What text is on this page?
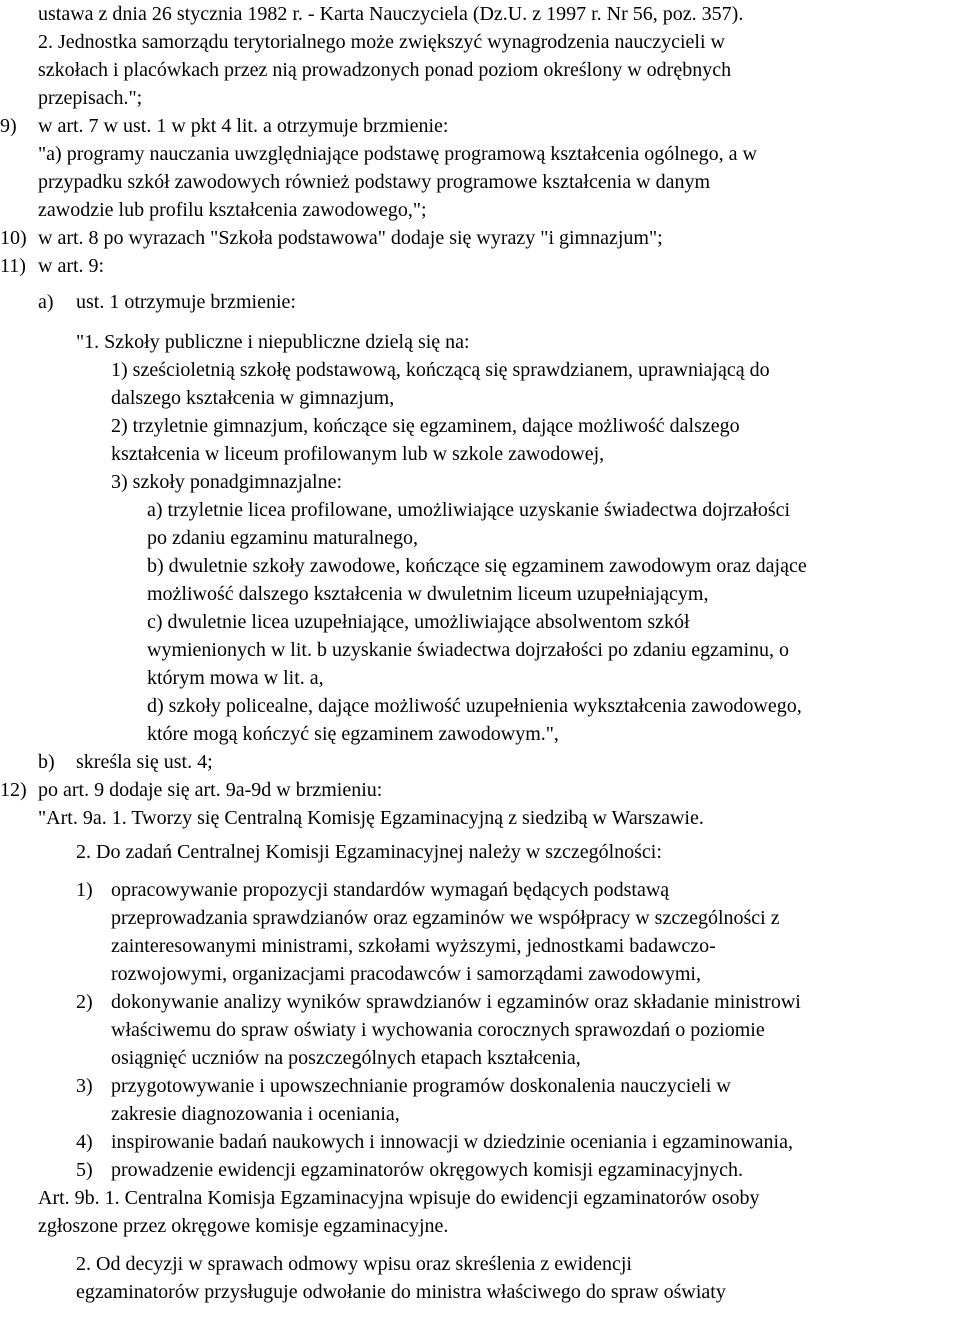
ustawa z dnia 26 stycznia 1982 r. - Karta Nauczyciela (Dz.U. z 1997 r. Nr 56, poz. 357).

2. Jednostka samorządu terytorialnego może zwiększyć wynagrodzenia nauczycieli w

szkołach i placówkach przez nią prowadzonych ponad poziom określony w odrębnych

przepisach.";

9) w art. 7 w ust. 1 w pkt 4 lit. a otrzymuje brzmienie:

"a) programy nauczania uwzględniające podstawę programową kształcenia ogólnego, a w

przypadku szkół zawodowych również podstawy programowe kształcenia w danym

zawodzie lub profilu kształcenia zawodowego,";

10) w art. 8 po wyrazach "Szkoła podstawowa" dodaje się wyrazy "i gimnazjum";

11) w art. 9:

a) ust. 1 otrzymuje brzmienie:

"1. Szkoły publiczne i niepubliczne dzielą się na:

1) sześcioletnią szkołę podstawową, kończącą się sprawdzianem, uprawniającą do

dalszego kształcenia w gimnazjum,

2) trzyletnie gimnazjum, kończące się egzaminem, dające możliwość dalszego

kształcenia w liceum profilowanym lub w szkole zawodowej,

3) szkoły ponadgimnazjalne:

a) trzyletnie licea profilowane, umożliwiające uzyskanie świadectwa dojrzałości

po zdaniu egzaminu maturalnego,

b) dwuletnie szkoły zawodowe, kończące się egzaminem zawodowym oraz dające

możliwość dalszego kształcenia w dwuletnim liceum uzupełniającym,

c) dwuletnie licea uzupełniające, umożliwiające absolwentom szkół

wymienionych w lit. b uzyskanie świadectwa dojrzałości po zdaniu egzaminu, o

którym mowa w lit. a,

d) szkoły policealne, dające możliwość uzupełnienia wykształcenia zawodowego,

które mogą kończyć się egzaminem zawodowym.",

b) skreśla się ust. 4;

12) po art. 9 dodaje się art. 9a-9d w brzmieniu:

"Art. 9a. 1. Tworzy się Centralną Komisję Egzaminacyjną z siedzibą w Warszawie.

2. Do zadań Centralnej Komisji Egzaminacyjnej należy w szczególności:

1) opracowywanie propozycji standardów wymagań będących podstawą

przeprowadzania sprawdzianów oraz egzaminów we współpracy w szczególności z

zainteresowanymi ministrami, szkołami wyższymi, jednostkami badawczo-

rozwojowymi, organizacjami pracodawców i samorządami zawodowymi,

2) dokonywanie analizy wyników sprawdzianów i egzaminów oraz składanie ministrowi

właściwemu do spraw oświaty i wychowania corocznych sprawozdań o poziomie

osiągnięć uczniów na poszczególnych etapach kształcenia,

3) przygotowywanie i upowszechnianie programów doskonalenia nauczycieli w

zakresie diagnozowania i oceniania,

4) inspirowanie badań naukowych i innowacji w dziedzinie oceniania i egzaminowania,

5) prowadzenie ewidencji egzaminatorów okręgowych komisji egzaminacyjnych.

Art. 9b. 1. Centralna Komisja Egzaminacyjna wpisuje do ewidencji egzaminatorów osoby

zgłoszone przez okręgowe komisje egzaminacyjne.

2. Od decyzji w sprawach odmowy wpisu oraz skreślenia z ewidencji

egzaminatorów przysługuje odwołanie do ministra właściwego do spraw oświaty
